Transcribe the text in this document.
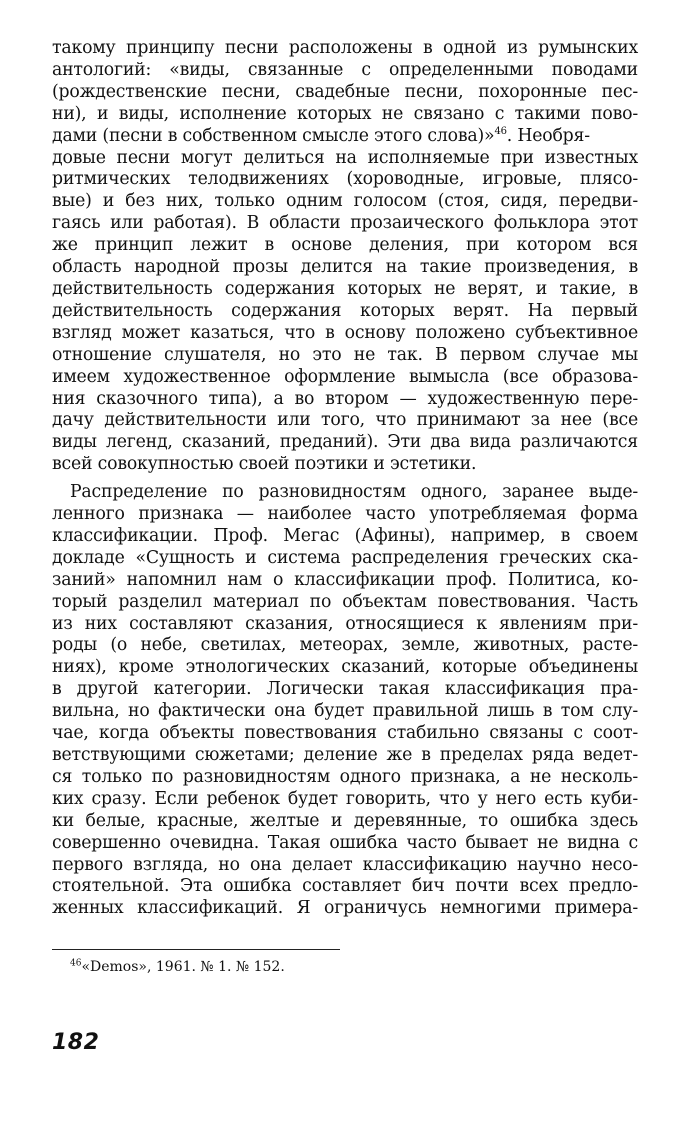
такому принципу песни расположены в одной из румынских
антологий: «виды, связанные с определенными поводами
(рождественские песни, свадебные песни, похоронные пес-
ни), и виды, исполнение которых не связано с такими пово-
дами (песни в собственном смысле этого слова)»$^{46}$. Необря-
довые песни могут делиться на исполняемые при известных
ритмических телодвижениях (хороводные, игровые, плясо-
вые) и без них, только одним голосом (стоя, сидя, передви-
гаясь или работая). В области прозаического фольклора этот
же принцип лежит в основе деления, при котором вся
область народной прозы делится на такие произведения, в
действительность содержания которых не верят, и такие, в
действительность содержания которых верят. На первый
взгляд может казаться, что в основу положено субъективное
отношение слушателя, но это не так. В первом случае мы
имеем художественное оформление вымысла (все образова-
ния сказочного типа), а во втором — художественную пере-
дачу действительности или того, что принимают за нее (все
виды легенд, сказаний, преданий). Эти два вида различаются
всей совокупностью своей поэтики и эстетики.
Распределение по разновидностям одного, заранее выде-
ленного признака — наиболее часто употребляемая форма
классификации. Проф. Мегас (Афины), например, в своем
докладе «Сущность и система распределения греческих ска-
заний» напомнил нам о классификации проф. Политиса, ко-
торый разделил материал по объектам повествования. Часть
из них составляют сказания, относящиеся к явлениям при-
роды (о небе, светилах, метеорах, земле, животных, расте-
ниях), кроме этнологических сказаний, которые объединены
в другой категории. Логически такая классификация пра-
вильна, но фактически она будет правильной лишь в том слу-
чае, когда объекты повествования стабильно связаны с соот-
ветствующими сюжетами; деление же в пределах ряда ведет-
ся только по разновидностям одного признака, а не несколь-
ких сразу. Если ребенок будет говорить, что у него есть куби-
ки белые, красные, желтые и деревянные, то ошибка здесь
совершенно очевидна. Такая ошибка часто бывает не видна с
первого взгляда, но она делает классификацию научно несо-
стоятельной. Эта ошибка составляет бич почти всех предло-
женных классификаций. Я ограничусь немногими примера-
$^{46}$«Demos», 1961. № 1. № 152.
182
